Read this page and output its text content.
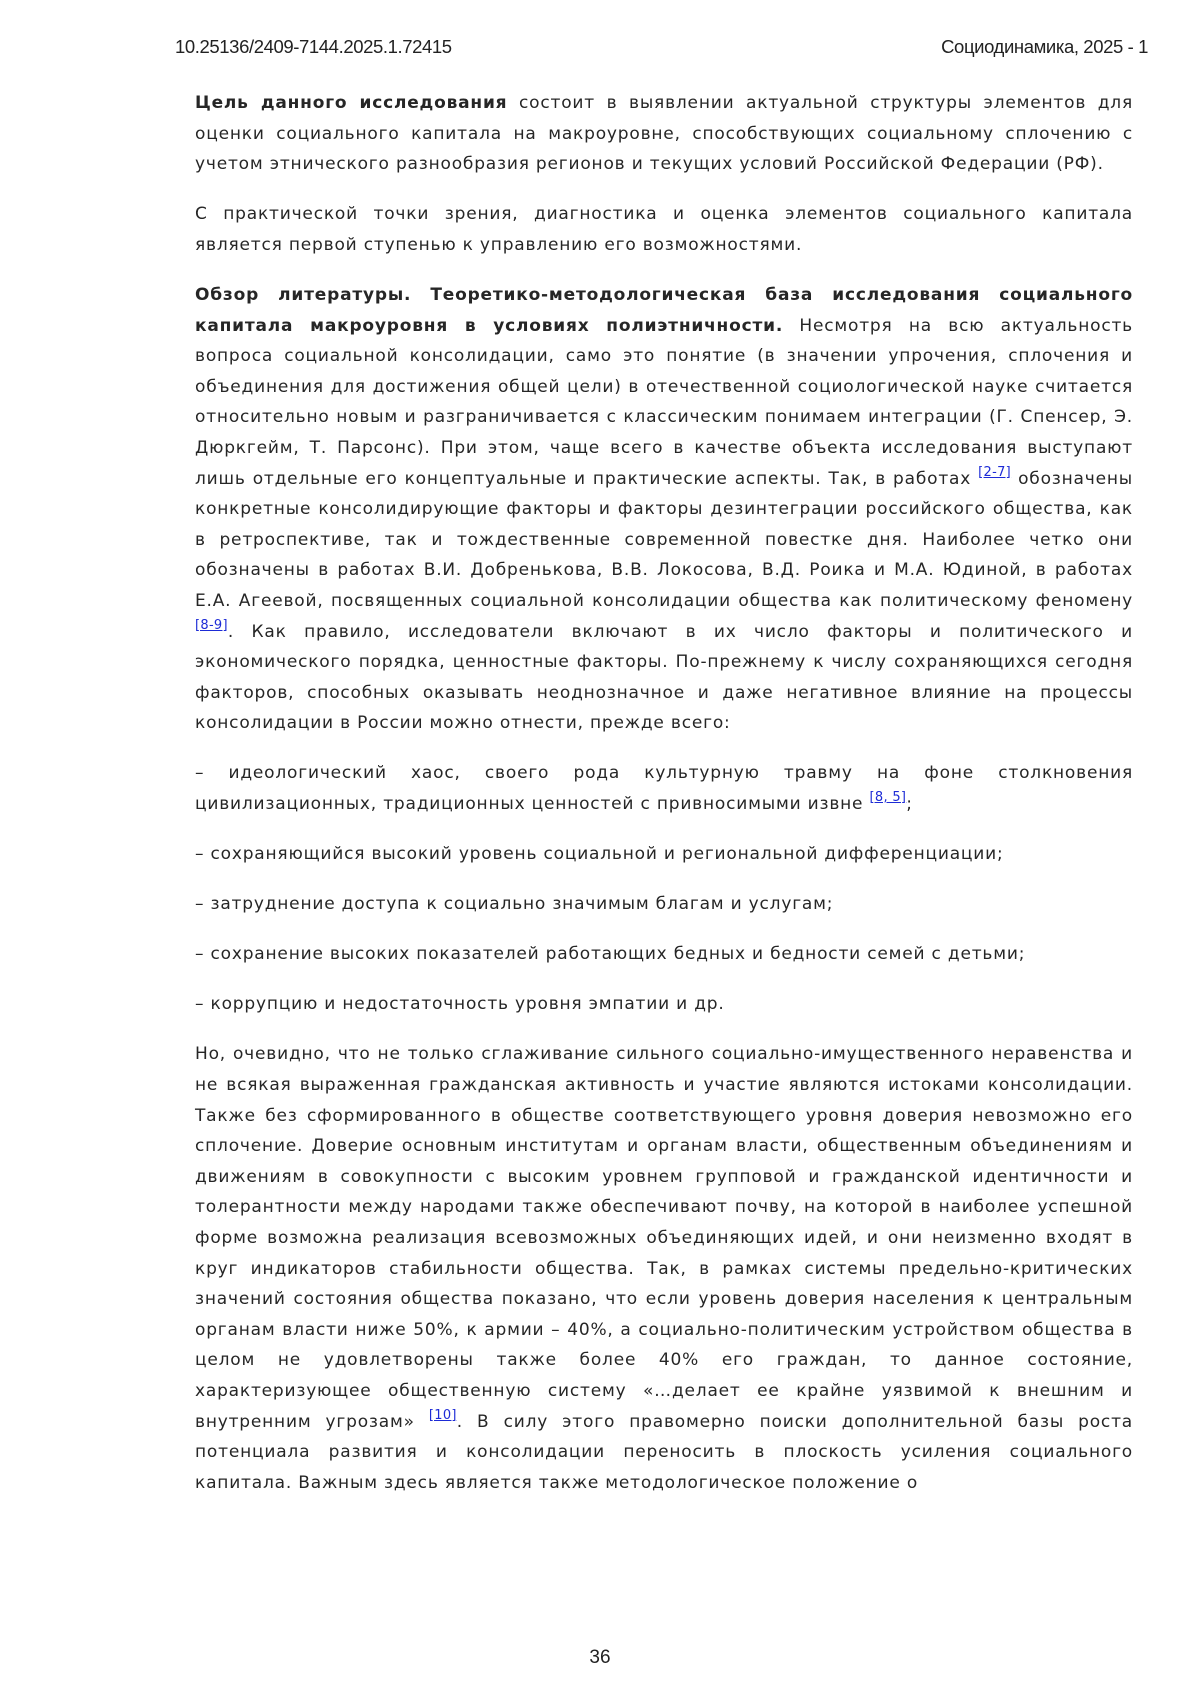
10.25136/2409-7144.2025.1.72415	Социодинамика, 2025 - 1

Цель данного исследования состоит в выявлении актуальной структуры элементов для оценки социального капитала на макроуровне, способствующих социальному сплочению с учетом этнического разнообразия регионов и текущих условий Российской Федерации (РФ).

С практической точки зрения, диагностика и оценка элементов социального капитала является первой ступенью к управлению его возможностями.

Обзор литературы. Теоретико-методологическая база исследования социального капитала макроуровня в условиях полиэтничности. Несмотря на всю актуальность вопроса социальной консолидации, само это понятие (в значении упрочения, сплочения и объединения для достижения общей цели) в отечественной социологической науке считается относительно новым и разграничивается с классическим понимаем интеграции (Г. Спенсер, Э. Дюркгейм, Т. Парсонс). При этом, чаще всего в качестве объекта исследования выступают лишь отдельные его концептуальные и практические аспекты. Так, в работах [2-7] обозначены конкретные консолидирующие факторы и факторы дезинтеграции российского общества, как в ретроспективе, так и тождественные современной повестке дня. Наиболее четко они обозначены в работах В.И. Добренькова, В.В. Локосова, В.Д. Роика и М.А. Юдиной, в работах Е.А. Агеевой, посвященных социальной консолидации общества как политическому феномену [8-9]. Как правило, исследователи включают в их число факторы и политического и экономического порядка, ценностные факторы. По-прежнему к числу сохраняющихся сегодня факторов, способных оказывать неоднозначное и даже негативное влияние на процессы консолидации в России можно отнести, прежде всего:

– идеологический хаос, своего рода культурную травму на фоне столкновения цивилизационных, традиционных ценностей с привносимыми извне [8, 5];

– сохраняющийся высокий уровень социальной и региональной дифференциации;

– затруднение доступа к социально значимым благам и услугам;

– сохранение высоких показателей работающих бедных и бедности семей с детьми;

– коррупцию и недостаточность уровня эмпатии и др.

Но, очевидно, что не только сглаживание сильного социально-имущественного неравенства и не всякая выраженная гражданская активность и участие являются истоками консолидации. Также без сформированного в обществе соответствующего уровня доверия невозможно его сплочение. Доверие основным институтам и органам власти, общественным объединениям и движениям в совокупности с высоким уровнем групповой и гражданской идентичности и толерантности между народами также обеспечивают почву, на которой в наиболее успешной форме возможна реализация всевозможных объединяющих идей, и они неизменно входят в круг индикаторов стабильности общества. Так, в рамках системы предельно-критических значений состояния общества показано, что если уровень доверия населения к центральным органам власти ниже 50%, к армии – 40%, а социально-политическим устройством общества в целом не удовлетворены также более 40% его граждан, то данное состояние, характеризующее общественную систему «…делает ее крайне уязвимой к внешним и внутренним угрозам» [10]. В силу этого правомерно поиски дополнительной базы роста потенциала развития и консолидации переносить в плоскость усиления социального капитала. Важным здесь является также методологическое положение о

36
